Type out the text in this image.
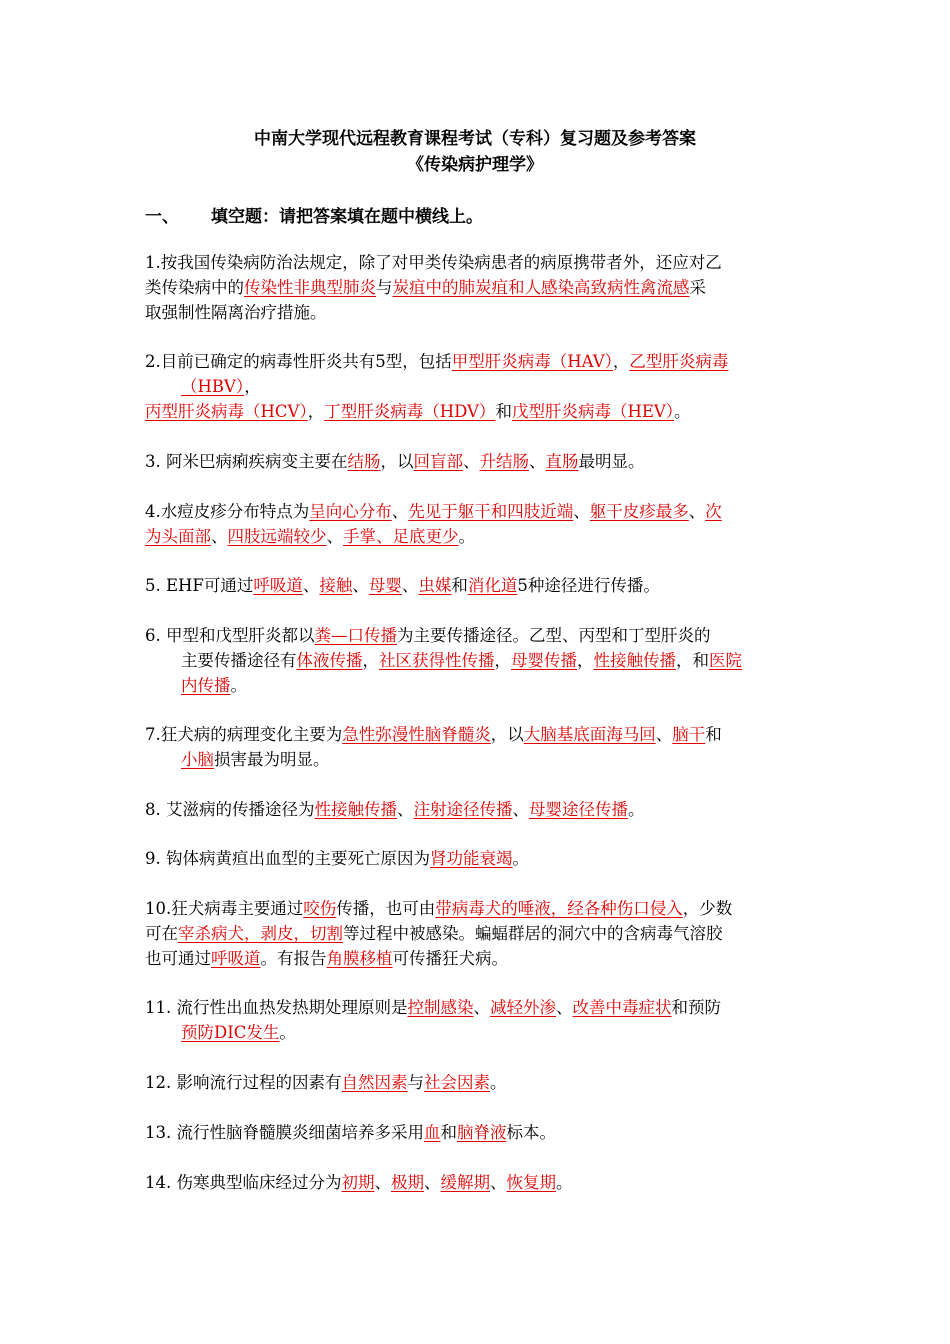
中南大学现代远程教育课程考试（专科）复习题及参考答案
《传染病护理学》
一、 填空题：请把答案填在题中横线上。
1.按我国传染病防治法规定，除了对甲类传染病患者的病原携带者外，还应对乙
类传染病中的传染性非典型肺炎与炭疽中的肺炭疽和人感染高致病性禽流感采
取强制性隔离治疗措施。
2.目前已确定的病毒性肝炎共有5型，包括甲型肝炎病毒（HAV），乙型肝炎病毒
（HBV），
丙型肝炎病毒（HCV），丁型肝炎病毒（HDV）和戊型肝炎病毒（HEV）。
3. 阿米巴病痢疾病变主要在结肠，以回盲部、升结肠、直肠最明显。
4.水痘皮疹分布特点为呈向心分布、先见于躯干和四肢近端、躯干皮疹最多、次
为头面部、四肢远端较少、手掌、足底更少。
5. EHF可通过呼吸道、接触、母婴、虫媒和消化道5种途径进行传播。
6. 甲型和戊型肝炎都以粪—口传播为主要传播途径。乙型、丙型和丁型肝炎的
主要传播途径有体液传播，社区获得性传播，母婴传播，性接触传播，和医院
内传播。
7.狂犬病的病理变化主要为急性弥漫性脑脊髓炎，以大脑基底面海马回、脑干和
小脑损害最为明显。
8. 艾滋病的传播途径为性接触传播、注射途径传播、母婴途径传播。
9. 钩体病黄疸出血型的主要死亡原因为肾功能衰竭。
10.狂犬病毒主要通过咬伤传播，也可由带病毒犬的唾液，经各种伤口侵入，少数
可在宰杀病犬，剥皮，切割等过程中被感染。蝙蝠群居的洞穴中的含病毒气溶胶
也可通过呼吸道。有报告角膜移植可传播狂犬病。
11. 流行性出血热发热期处理原则是控制感染、减轻外渗、改善中毒症状和预防
预防DIC发生。
12. 影响流行过程的因素有自然因素与社会因素。
13. 流行性脑脊髓膜炎细菌培养多采用血和脑脊液标本。
14. 伤寒典型临床经过分为初期、极期、缓解期、恢复期。
